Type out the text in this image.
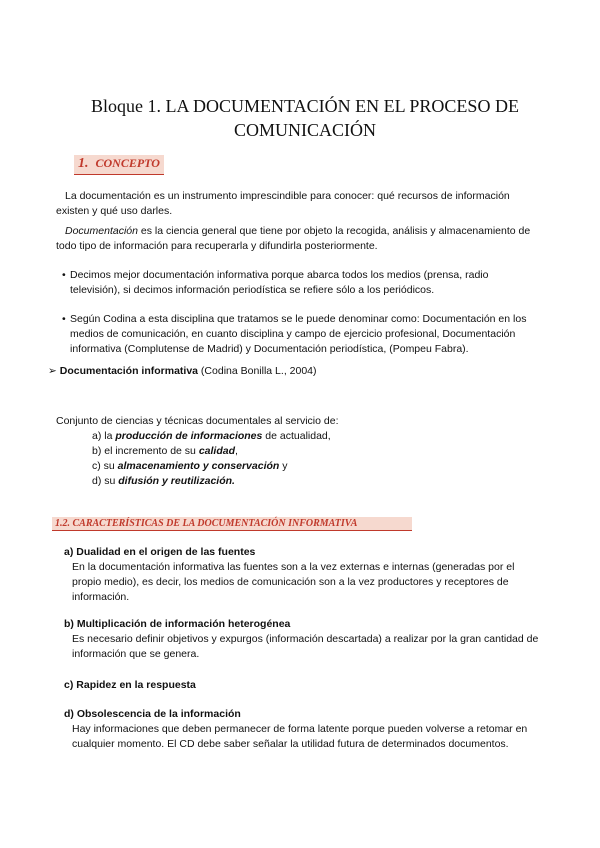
Bloque 1. LA DOCUMENTACIÓN EN EL PROCESO DE
COMUNICACIÓN
1. CONCEPTO

La documentación es un instrumento imprescindible para conocer: qué recursos de información existen y qué uso darles.

Documentación es la ciencia general que tiene por objeto la recogida, análisis y almacenamiento de todo tipo de información para recuperarla y difundirla posteriormente.

• Decimos mejor documentación informativa porque abarca todos los medios (prensa, radio televisión), si decimos información periodística se refiere sólo a los periódicos.
• Según Codina a esta disciplina que tratamos se le puede denominar como: Documentación en los medios de comunicación, en cuanto disciplina y campo de ejercicio profesional, Documentación informativa (Complutense de Madrid) y Documentación periodística, (Pompeu Fabra).
➢ Documentación informativa (Codina Bonilla L., 2004)

Conjunto de ciencias y técnicas documentales al servicio de:

a) la producción de informaciones de actualidad,
b) el incremento de su calidad,
c) su almacenamiento y conservación y
d) su difusión y reutilización.
1.2. CARACTERÍSTICAS DE LA DOCUMENTACIÓN INFORMATIVA
a) Dualidad en el origen de las fuentes
En la documentación informativa las fuentes son a la vez externas e internas (generadas por el propio medio), es decir, los medios de comunicación son a la vez productores y receptores de información.
b) Multiplicación de información heterogénea
Es necesario definir objetivos y expurgos (información descartada) a realizar por la gran cantidad de información que se genera.
c) Rapidez en la respuesta
d) Obsolescencia de la información
Hay informaciones que deben permanecer de forma latente porque pueden volverse a retomar en cualquier momento. El CD debe saber señalar la utilidad futura de determinados documentos.
